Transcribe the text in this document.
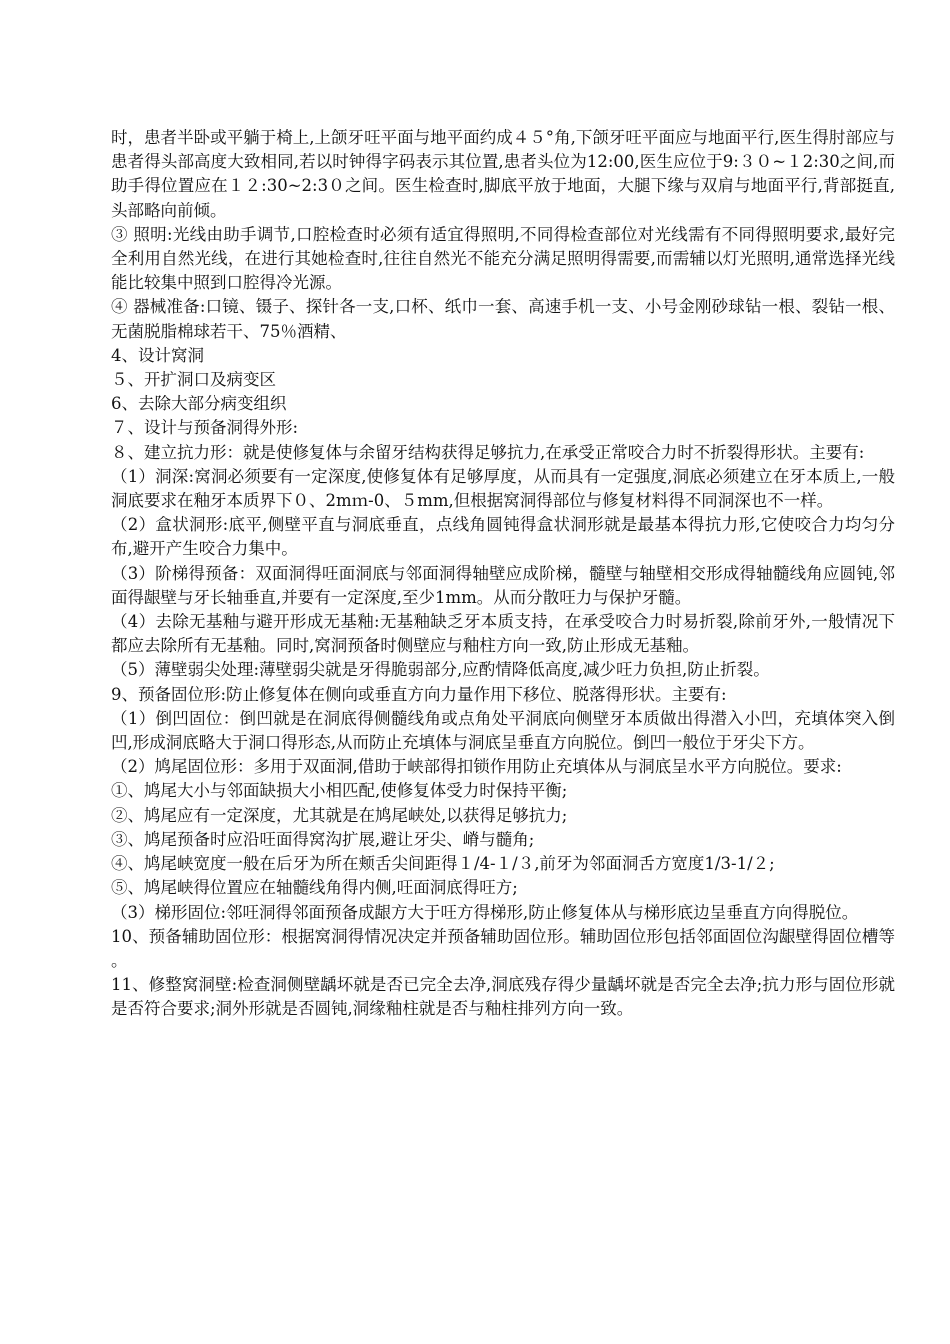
时，患者半卧或平躺于椅上,上颌牙㕵平面与地平面约成４５°角,下颌牙㕵平面应与地面平行,医生得肘部应与患者得头部高度大致相同,若以时钟得字码表示其位置,患者头位为12:00,医生应位于9:３０~１2:30之间,而助手得位置应在１２:30~2:3０之间。医生检查时,脚底平放于地面，大腿下缘与双肩与地面平行,背部挺直,头部略向前倾。

③ 照明:光线由助手调节,口腔检查时必须有适宜得照明,不同得检查部位对光线需有不同得照明要求,最好完全利用自然光线，在进行其她检查时,往往自然光不能充分满足照明得需要,而需辅以灯光照明,通常选择光线能比较集中照到口腔得冷光源。

④ 器械准备:口镜、镊子、探针各一支,口杯、纸巾一套、高速手机一支、小号金刚砂球钻一根、裂钻一根、无菌脱脂棉球若干、75％酒精、

4、设计窝洞

５、开扩洞口及病变区

6、去除大部分病变组织

７、设计与预备洞得外形:

８、建立抗力形：就是使修复体与余留牙结构获得足够抗力,在承受正常咬合力时不折裂得形状。主要有:

（1）洞深:窝洞必须要有一定深度,使修复体有足够厚度，从而具有一定强度,洞底必须建立在牙本质上,一般洞底要求在釉牙本质界下０、2mｍ-0、５mm,但根据窝洞得部位与修复材料得不同洞深也不一样。

（2）盒状洞形:底平,侧壁平直与洞底垂直，点线角圆钝得盒状洞形就是最基本得抗力形,它使咬合力均匀分布,避开产生咬合力集中。

（3）阶梯得预备：双面洞得㕵面洞底与邻面洞得轴壁应成阶梯，髓壁与轴壁相交形成得轴髓线角应圆钝,邻面得龈壁与牙长轴垂直,并要有一定深度,至少1mm。从而分散㕵力与保护牙髓。

（4）去除无基釉与避开形成无基釉:无基釉缺乏牙本质支持，在承受咬合力时易折裂,除前牙外,一般情况下都应去除所有无基釉。同时,窝洞预备时侧壁应与釉柱方向一致,防止形成无基釉。

（5）薄壁弱尖处理:薄壁弱尖就是牙得脆弱部分,应酌情降低高度,减少㕵力负担,防止折裂。

9、预备固位形:防止修复体在侧向或垂直方向力量作用下移位、脱落得形状。主要有:

（1）倒凹固位：倒凹就是在洞底得侧髓线角或点角处平洞底向侧壁牙本质做出得潜入小凹，充填体突入倒凹,形成洞底略大于洞口得形态,从而防止充填体与洞底呈垂直方向脱位。倒凹一般位于牙尖下方。

（2）鸠尾固位形：多用于双面洞,借助于峡部得扣锁作用防止充填体从与洞底呈水平方向脱位。要求:

①、鸠尾大小与邻面缺损大小相匹配,使修复体受力时保持平衡;

②、鸠尾应有一定深度，尤其就是在鸠尾峡处,以获得足够抗力;

③、鸠尾预备时应沿㕵面得窝沟扩展,避让牙尖、嵴与髓角;

④、鸠尾峡宽度一般在后牙为所在颊舌尖间距得１/4-１/３,前牙为邻面洞舌方宽度1/3-1/２;

⑤、鸠尾峡得位置应在轴髓线角得内侧,㕵面洞底得㕵方;

（3）梯形固位:邻㕵洞得邻面预备成龈方大于㕵方得梯形,防止修复体从与梯形底边呈垂直方向得脱位。

10、预备辅助固位形：根据窝洞得情况决定并预备辅助固位形。辅助固位形包括邻面固位沟龈壁得固位槽等。

11、修整窝洞壁:检查洞侧壁龋坏就是否已完全去净,洞底残存得少量龋坏就是否完全去净;抗力形与固位形就是否符合要求;洞外形就是否圆钝,洞缘釉柱就是否与釉柱排列方向一致。
